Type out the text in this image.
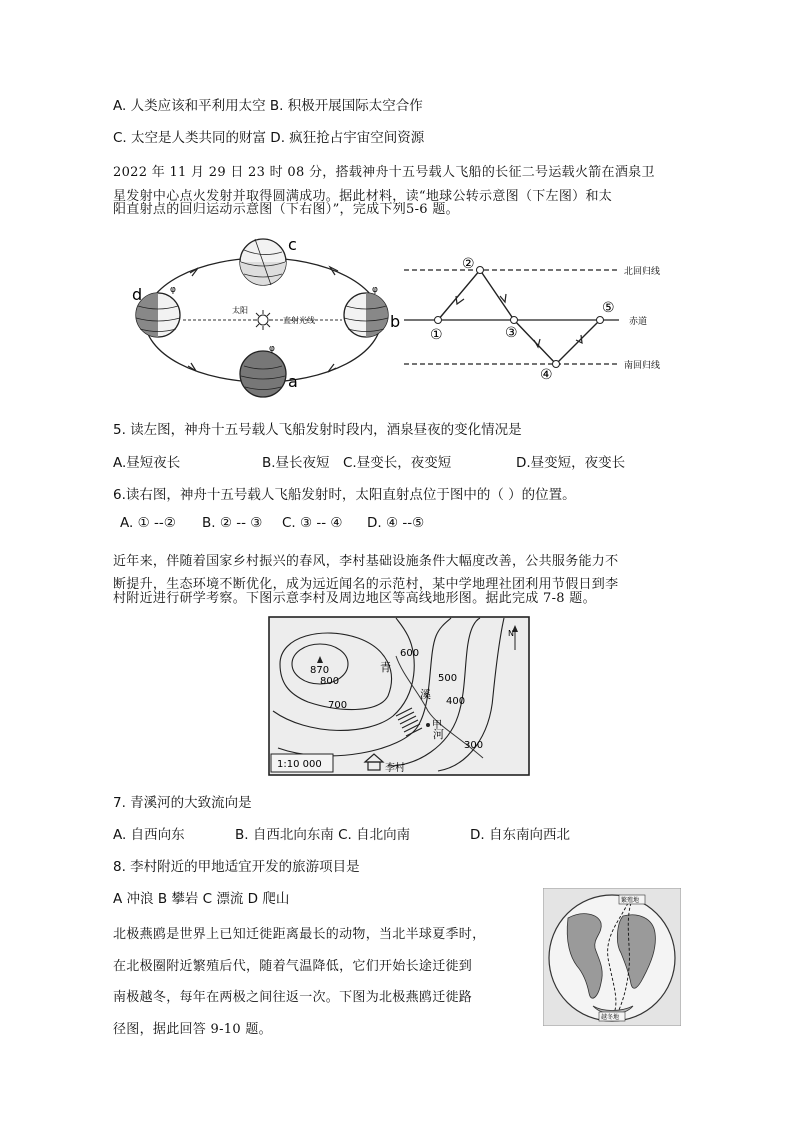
A. 人类应该和平利用太空 B. 积极开展国际太空合作
C. 太空是人类共同的财富 D. 疯狂抢占宇宙空间资源
2022 年 11 月 29 日 23 时 08 分，搭载神舟十五号载人飞船的长征二号运载火箭在酒泉卫
星发射中心点火发射并取得圆满成功。据此材料，读“地球公转示意图（下左图）和太
阳直射点的回归运动示意图（下右图）”，完成下列5-6 题。
c
d	φ
b
φ
a
φ
太阳
直射光线
北回归线
赤道
南回归线
①
②
③
④
⑤
5. 读左图，神舟十五号载人飞船发射时段内，酒泉昼夜的变化情况是
A.昼短夜长	B.昼长夜短 C.昼变长，夜变短	D.昼变短，夜变长
6.读右图，神舟十五号载人飞船发射时，太阳直射点位于图中的（ ）的位置。
A. ① --② B. ② -- ③ C. ③ -- ④ D. ④ --⑤
近年来，伴随着国家乡村振兴的春风，李村基础设施条件大幅度改善，公共服务能力不
断提升，生态环境不断优化，成为远近闻名的示范村，某中学地理社团利用节假日到李
村附近进行研学考察。下图示意李村及周边地区等高线地形图。据此完成 7-8 题。
870
800
700
600
500
400
300
青
溪
河
甲
李村
1:10 000
N
7. 青溪河的大致流向是
A. 自西向东	B. 自西北向东南 C. 自北向南	D. 自东南向西北
8. 李村附近的甲地适宜开发的旅游项目是
A 冲浪 B 攀岩 C 漂流 D 爬山
北极燕鸥是世界上已知迁徙距离最长的动物，当北半球夏季时，
在北极圈附近繁殖后代，随着气温降低，它们开始长途迁徙到
南极越冬，每年在两极之间往返一次。下图为北极燕鸥迁徙路
径图，据此回答 9-10 题。
繁殖地
越冬地
